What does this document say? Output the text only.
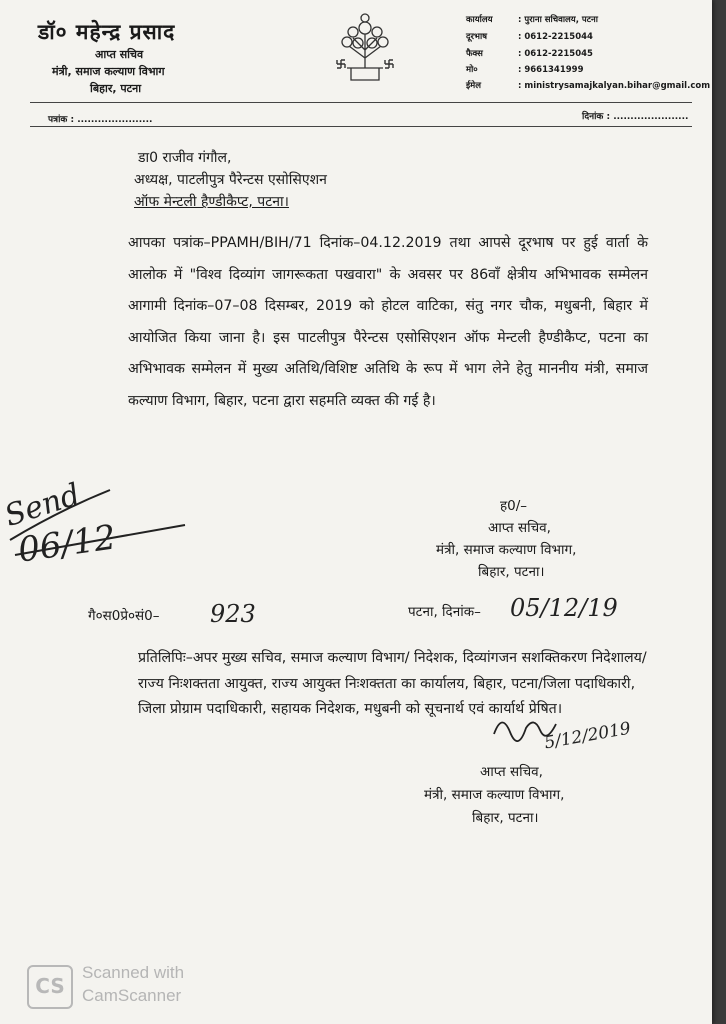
डॉ० महेन्द्र प्रसाद
आप्त सचिव
मंत्री, समाज कल्याण विभाग
बिहार, पटना
कार्यालय	: पुराना सचिवालय, पटना
दूरभाष	: 0612-2215044
फैक्स	: 0612-2215045
मो०	: 9661341999
ईमेल	: ministrysamajkalyan.bihar@gmail.com
पत्रांक : ......................	दिनांक : ......................
डा0 राजीव गंगौल,
अध्यक्ष, पाटलीपुत्र पैरेन्टस एसोसिएशन
ऑफ मेन्टली हैण्डीकैप्ट, पटना।
आपका पत्रांक–PPAMH/BIH/71 दिनांक–04.12.2019 तथा आपसे दूरभाष पर हुई वार्ता के आलोक में "विश्व दिव्यांग जागरूकता पखवारा" के अवसर पर 86वाँ क्षेत्रीय अभिभावक सम्मेलन आगामी दिनांक–07–08 दिसम्बर, 2019 को होटल वाटिका, संतु नगर चौक, मधुबनी, बिहार में आयोजित किया जाना है। इस पाटलीपुत्र पैरेन्टस एसोसिएशन ऑफ मेन्टली हैण्डीकैप्ट, पटना का अभिभावक सम्मेलन में मुख्य अतिथि/विशिष्ट अतिथि के रूप में भाग लेने हेतु माननीय मंत्री, समाज कल्याण विभाग, बिहार, पटना द्वारा सहमति व्यक्त की गई है।
Send
06/12
ह0/–
आप्त सचिव,
मंत्री, समाज कल्याण विभाग,
बिहार, पटना।
गै०स0प्रे०सं0– 923	पटना, दिनांक– 05/12/19
प्रतिलिपिः–अपर मुख्य सचिव, समाज कल्याण विभाग/ निदेशक, दिव्यांगजन सशक्तिकरण निदेशालय/राज्य निःशक्तता आयुक्त, राज्य आयुक्त निःशक्तता का कार्यालय, बिहार, पटना/जिला पदाधिकारी, जिला प्रोग्राम पदाधिकारी, सहायक निदेशक, मधुबनी को सूचनार्थ एवं कार्यार्थ प्रेषित।
5/12/2019
आप्त सचिव,
मंत्री, समाज कल्याण विभाग,
बिहार, पटना।
CS
Scanned with
CamScanner
